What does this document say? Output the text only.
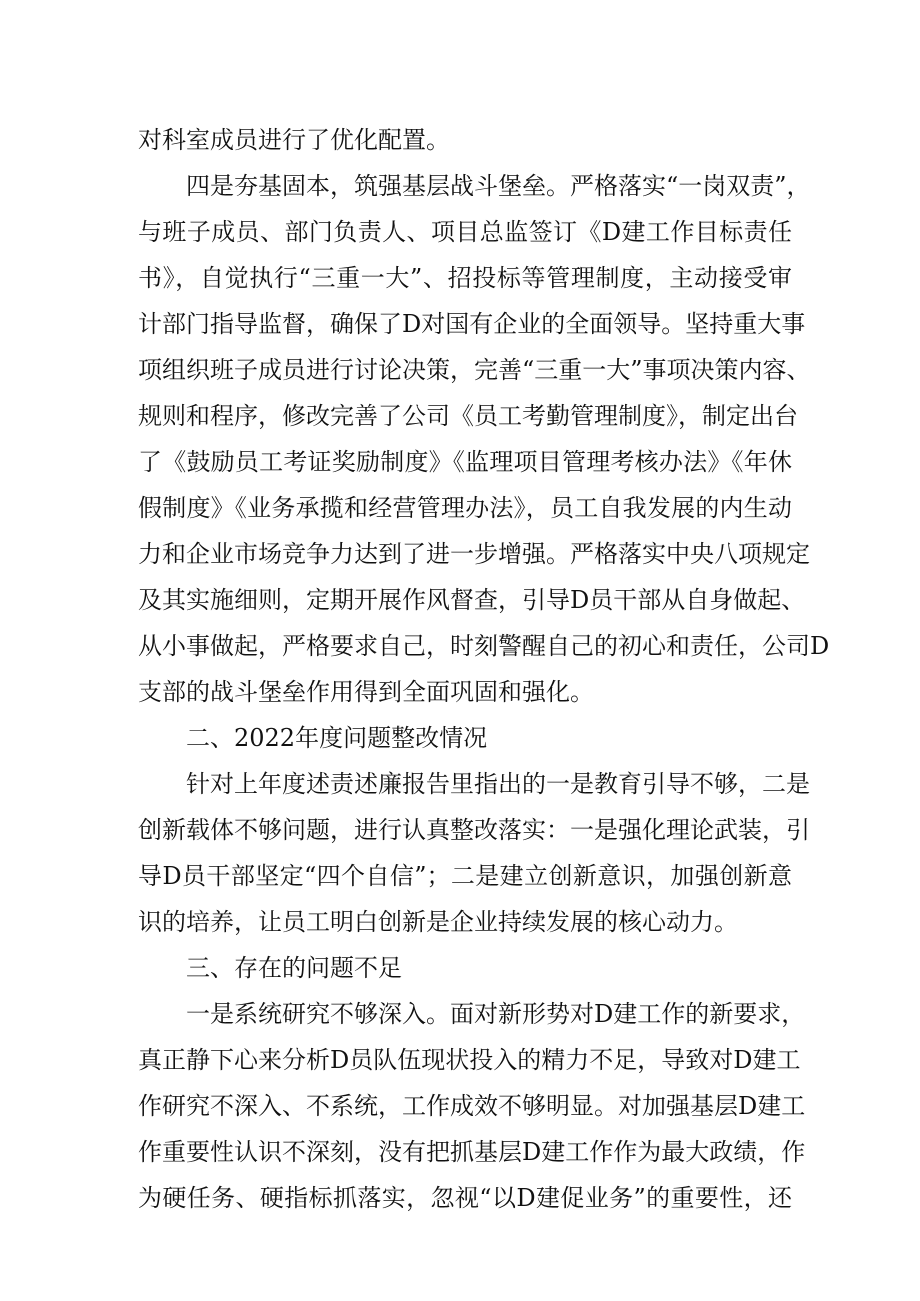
对科室成员进行了优化配置。
四是夯基固本，筑强基层战斗堡垒。严格落实“一岗双责”，
与班子成员、部门负责人、项目总监签订《D建工作目标责任
书》，自觉执行“三重一大”、招投标等管理制度，主动接受审
计部门指导监督，确保了D对国有企业的全面领导。坚持重大事
项组织班子成员进行讨论决策，完善“三重一大”事项决策内容、
规则和程序，修改完善了公司《员工考勤管理制度》，制定出台
了《鼓励员工考证奖励制度》《监理项目管理考核办法》《年休
假制度》《业务承揽和经营管理办法》，员工自我发展的内生动
力和企业市场竞争力达到了进一步增强。严格落实中央八项规定
及其实施细则，定期开展作风督查，引导D员干部从自身做起、
从小事做起，严格要求自己，时刻警醒自己的初心和责任，公司D
支部的战斗堡垒作用得到全面巩固和强化。
二、2022年度问题整改情况
针对上年度述责述廉报告里指出的一是教育引导不够，二是
创新载体不够问题，进行认真整改落实：一是强化理论武装，引
导D员干部坚定“四个自信”；二是建立创新意识，加强创新意
识的培养，让员工明白创新是企业持续发展的核心动力。
三、存在的问题不足
一是系统研究不够深入。面对新形势对D建工作的新要求，
真正静下心来分析D员队伍现状投入的精力不足，导致对D建工
作研究不深入、不系统，工作成效不够明显。对加强基层D建工
作重要性认识不深刻，没有把抓基层D建工作作为最大政绩，作
为硬任务、硬指标抓落实，忽视“以D建促业务”的重要性，还
